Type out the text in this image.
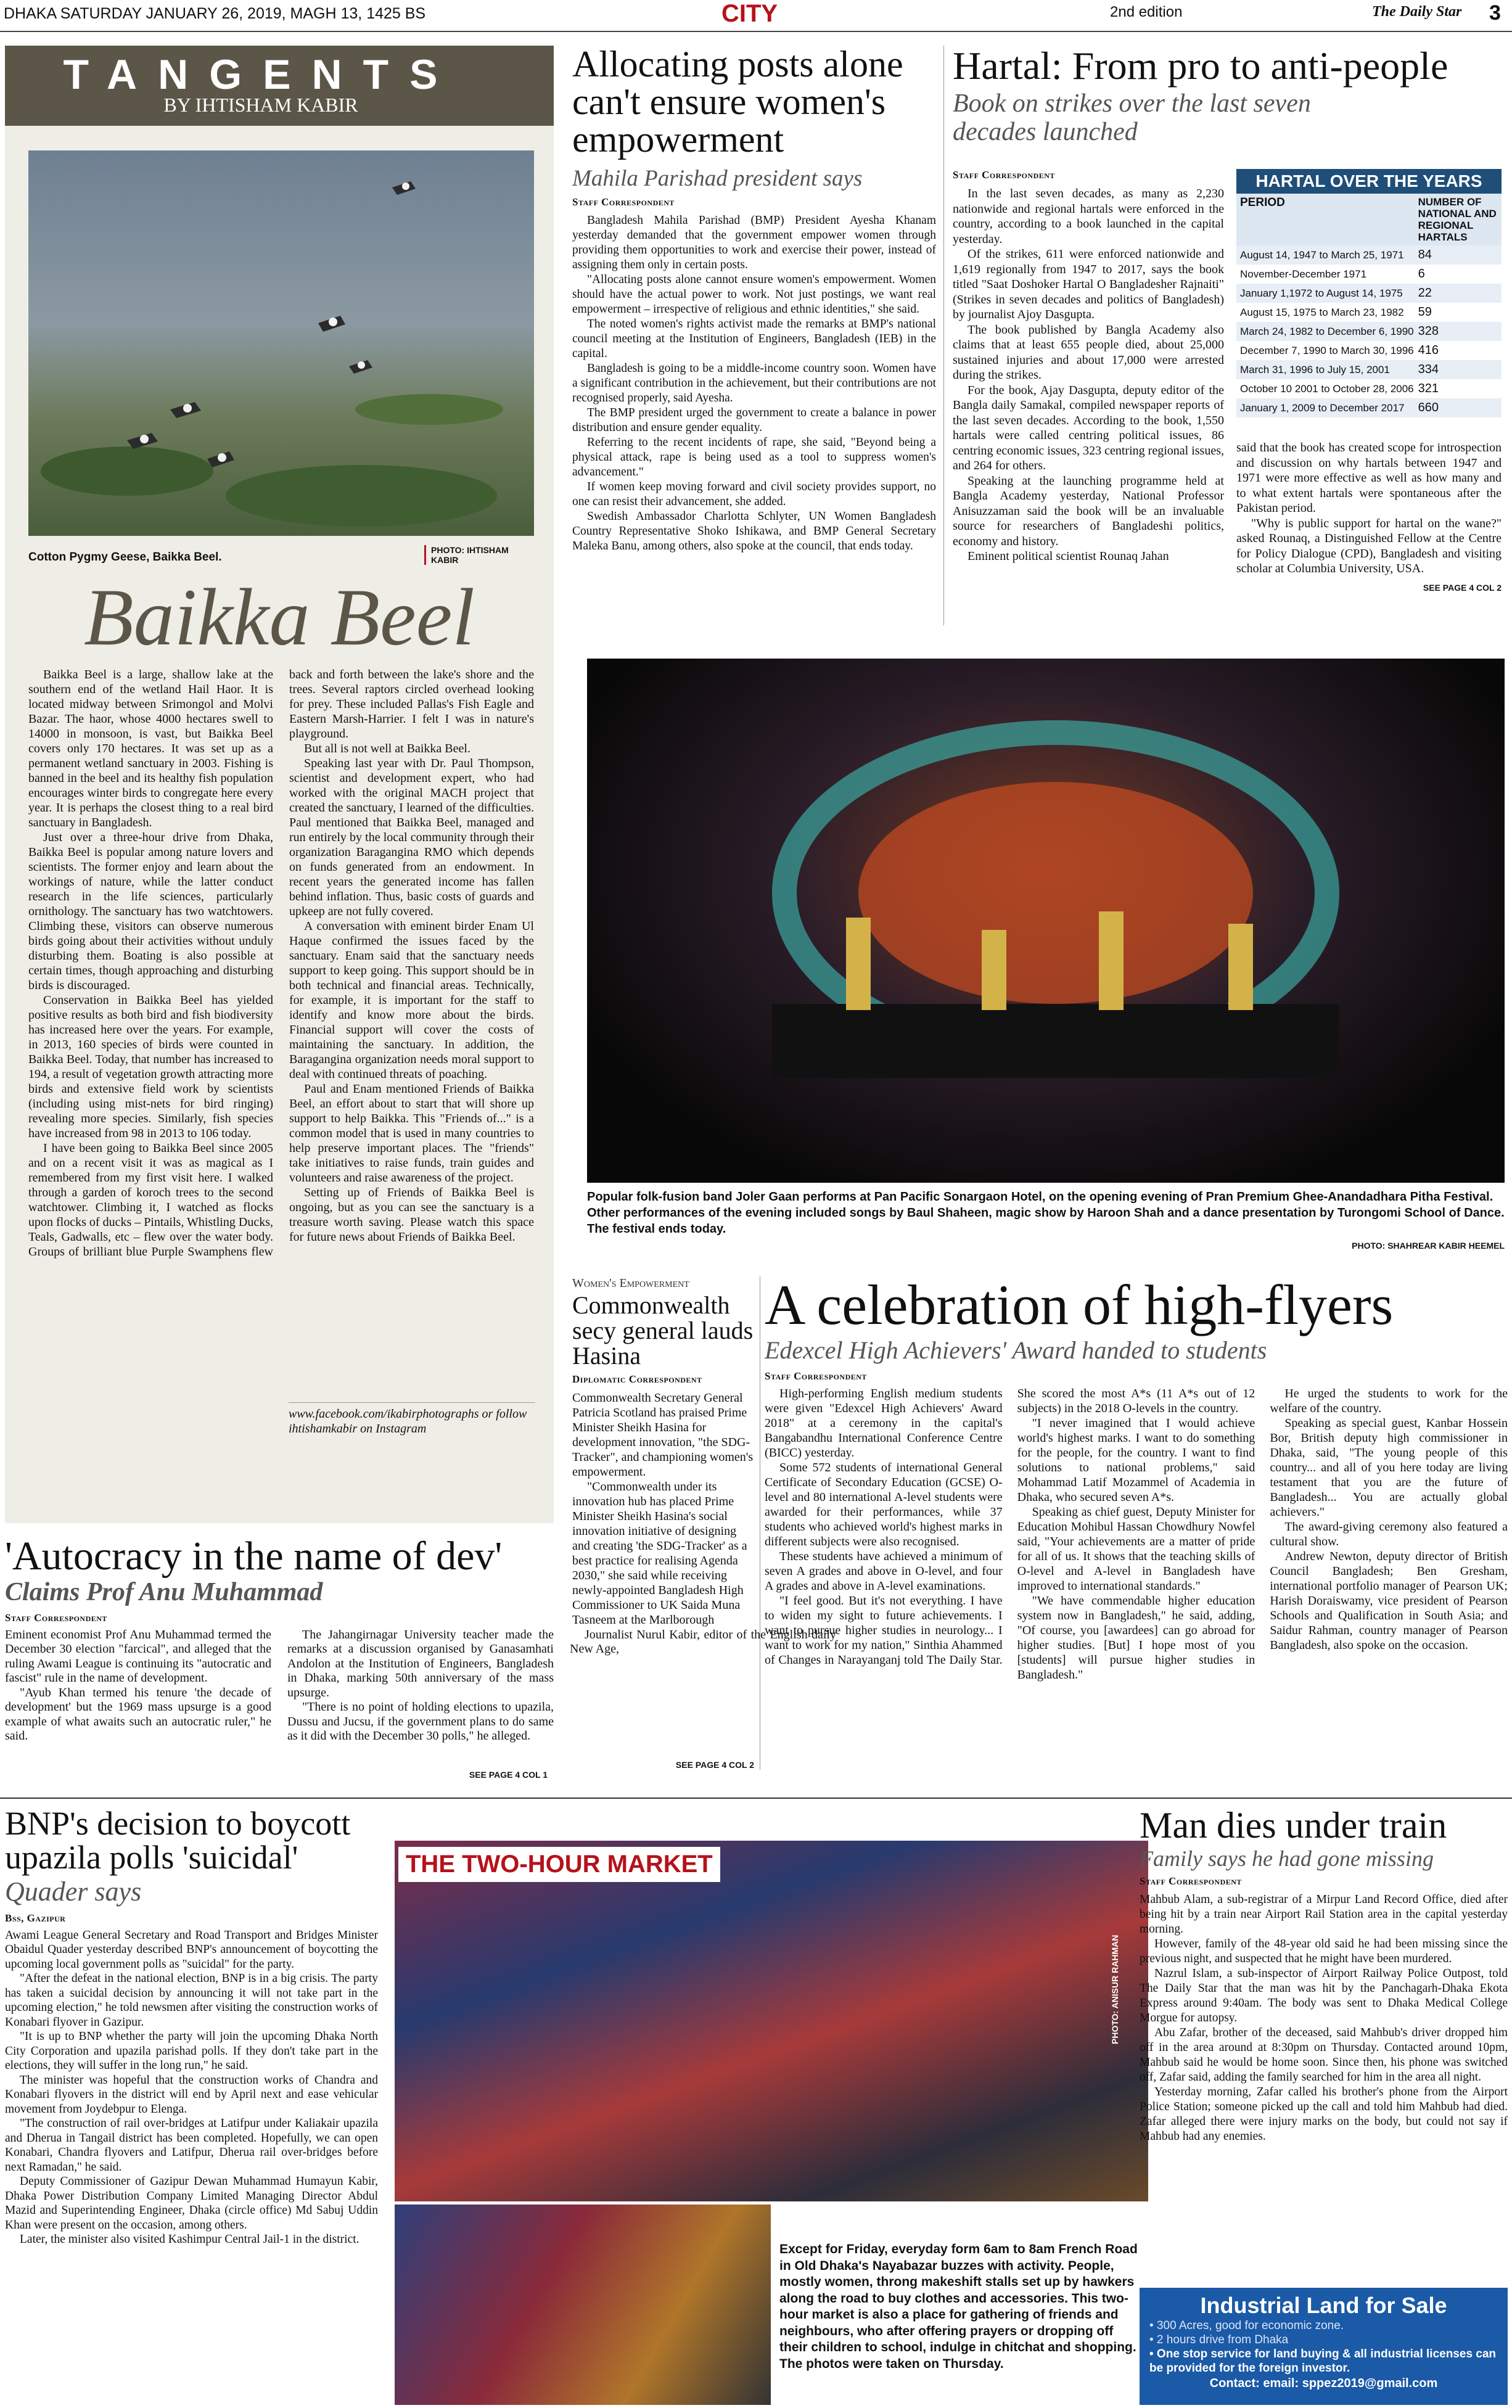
DHAKA SATURDAY JANUARY 26, 2019, MAGH 13, 1425 BS	CITY	2nd edition	The Daily Star 3
TANGENTS
BY IHTISHAM KABIR
Cotton Pygmy Geese, Baikka Beel.
PHOTO: IHTISHAM KABIR
Baikka Beel

Baikka Beel is a large, shallow lake at the southern end of the wetland Hail Haor. It is located midway between Srimongol and Molvi Bazar. The haor, whose 4000 hectares swell to 14000 in monsoon, is vast, but Baikka Beel covers only 170 hectares. It was set up as a permanent wetland sanctuary in 2003. Fishing is banned in the beel and its healthy fish population encourages winter birds to congregate here every year. It is perhaps the closest thing to a real bird sanctuary in Bangladesh.

Just over a three-hour drive from Dhaka, Baikka Beel is popular among nature lovers and scientists. The former enjoy and learn about the workings of nature, while the latter conduct research in the life sciences, particularly ornithology. The sanctuary has two watchtowers. Climbing these, visitors can observe numerous birds going about their activities without unduly disturbing them. Boating is also possible at certain times, though approaching and disturbing birds is discouraged.

Conservation in Baikka Beel has yielded positive results as both bird and fish biodiversity has increased here over the years. For example, in 2013, 160 species of birds were counted in Baikka Beel. Today, that number has increased to 194, a result of vegetation growth attracting more birds and extensive field work by scientists (including using mist-nets for bird ringing) revealing more species. Similarly, fish species have increased from 98 in 2013 to 106 today.

I have been going to Baikka Beel since 2005 and on a recent visit it was as magical as I remembered from my first visit here. I walked through a garden of koroch trees to the second watchtower. Climbing it, I watched as flocks upon flocks of ducks – Pintails, Whistling Ducks, Teals, Gadwalls, etc – flew over the water body. Groups of brilliant blue Purple Swamphens flew back and forth between the lake's shore and the trees. Several raptors circled overhead looking for prey. These included Pallas's Fish Eagle and Eastern Marsh-Harrier. I felt I was in nature's playground.

But all is not well at Baikka Beel.

Speaking last year with Dr. Paul Thompson, scientist and development expert, who had worked with the original MACH project that created the sanctuary, I learned of the difficulties. Paul mentioned that Baikka Beel, managed and run entirely by the local community through their organization Baragangina RMO which depends on funds generated from an endowment. In recent years the generated income has fallen behind inflation. Thus, basic costs of guards and upkeep are not fully covered.

A conversation with eminent birder Enam Ul Haque confirmed the issues faced by the sanctuary. Enam said that the sanctuary needs support to keep going. This support should be in both technical and financial areas. Technically, for example, it is important for the staff to identify and know more about the birds. Financial support will cover the costs of maintaining the sanctuary. In addition, the Baragangina organization needs moral support to deal with continued threats of poaching.

Paul and Enam mentioned Friends of Baikka Beel, an effort about to start that will shore up support to help Baikka. This "Friends of..." is a common model that is used in many countries to help preserve important places. The "friends" take initiatives to raise funds, train guides and volunteers and raise awareness of the project.

Setting up of Friends of Baikka Beel is ongoing, but as you can see the sanctuary is a treasure worth saving. Please watch this space for future news about Friends of Baikka Beel.

www.facebook.com/ikabirphotographs or follow ihtishamkabir on Instagram
Allocating posts alone can't ensure women's empowerment
Mahila Parishad president says
Staff Correspondent

Bangladesh Mahila Parishad (BMP) President Ayesha Khanam yesterday demanded that the government empower women through providing them opportunities to work and exercise their power, instead of assigning them only in certain posts.

"Allocating posts alone cannot ensure women's empowerment. Women should have the actual power to work. Not just postings, we want real empowerment – irrespective of religious and ethnic identities," she said.

The noted women's rights activist made the remarks at BMP's national council meeting at the Institution of Engineers, Bangladesh (IEB) in the capital.

Bangladesh is going to be a middle-income country soon. Women have a significant contribution in the achievement, but their contributions are not recognised properly, said Ayesha.

The BMP president urged the government to create a balance in power distribution and ensure gender equality.

Referring to the recent incidents of rape, she said, "Beyond being a physical attack, rape is being used as a tool to suppress women's advancement."

If women keep moving forward and civil society provides support, no one can resist their advancement, she added.

Swedish Ambassador Charlotta Schlyter, UN Women Bangladesh Country Representative Shoko Ishikawa, and BMP General Secretary Maleka Banu, among others, also spoke at the council, that ends today.

Hartal: From pro to anti-people
Book on strikes over the last seven decades launched
Staff Correspondent

In the last seven decades, as many as 2,230 nationwide and regional hartals were enforced in the country, according to a book launched in the capital yesterday.

Of the strikes, 611 were enforced nationwide and 1,619 regionally from 1947 to 2017, says the book titled "Saat Doshoker Hartal O Bangladesher Rajnaiti" (Strikes in seven decades and politics of Bangladesh) by journalist Ajoy Dasgupta.

The book published by Bangla Academy also claims that at least 655 people died, about 25,000 sustained injuries and about 17,000 were arrested during the strikes.

For the book, Ajay Dasgupta, deputy editor of the Bangla daily Samakal, compiled newspaper reports of the last seven decades. According to the book, 1,550 hartals were called centring political issues, 86 centring economic issues, 323 centring regional issues, and 264 for others.

Speaking at the launching programme held at Bangla Academy yesterday, National Professor Anisuzzaman said the book will be an invaluable source for researchers of Bangladeshi politics, economy and history.

Eminent political scientist Rounaq Jahan

HARTAL OVER THE YEARS
PERIOD	NUMBER OF NATIONAL AND REGIONAL HARTALS
August 14, 1947 to March 25, 1971	84
November-December 1971	6
January 1,1972 to August 14, 1975	22
August 15, 1975 to March 23, 1982	59
March 24, 1982 to December 6, 1990 328
December 7, 1990 to March 30, 1996 416
March 31, 1996 to July 15, 2001	334
October 10 2001 to October 28, 2006 321
January 1, 2009 to December 2017	660

said that the book has created scope for introspection and discussion on why hartals between 1947 and 1971 were more effective as well as how many and to what extent hartals were spontaneous after the Pakistan period.

"Why is public support for hartal on the wane?" asked Rounaq, a Distinguished Fellow at the Centre for Policy Dialogue (CPD), Bangladesh and visiting scholar at Columbia University, USA.

SEE PAGE 4 COL 2
Popular folk-fusion band Joler Gaan performs at Pan Pacific Sonargaon Hotel, on the opening evening of Pran Premium Ghee-Anandadhara Pitha Festival. Other performances of the evening included songs by Baul Shaheen, magic show by Haroon Shah and a dance presentation by Turongomi School of Dance. The festival ends today.
PHOTO: SHAHREAR KABIR HEEMEL
Women's Empowerment
Commonwealth secy general lauds Hasina
Diplomatic Correspondent

Commonwealth Secretary General Patricia Scotland has praised Prime Minister Sheikh Hasina for development innovation, "the SDG-Tracker", and championing women's empowerment.

"Commonwealth under its innovation hub has placed Prime Minister Sheikh Hasina's social innovation initiative of designing and creating 'the SDG-Tracker' as a best practice for realising Agenda 2030," she said while receiving newly-appointed Bangladesh High Commissioner to UK Saida Muna Tasneem at the Marlborough

SEE PAGE 4 COL 2
A celebration of high-flyers
Edexcel High Achievers' Award handed to students
Staff Correspondent

High-performing English medium students were given "Edexcel High Achievers' Award 2018" at a ceremony in the capital's Bangabandhu International Conference Centre (BICC) yesterday.

Some 572 students of international General Certificate of Secondary Education (GCSE) O-level and 80 international A-level students were awarded for their performances, while 37 students who achieved world's highest marks in different subjects were also recognised.

These students have achieved a minimum of seven A grades and above in O-level, and four A grades and above in A-level examinations.

"I feel good. But it's not everything. I have to widen my sight to future achievements. I want to pursue higher studies in neurology... I want to work for my nation," Sinthia Ahammed of Changes in Narayanganj told The Daily Star. She scored the most A*s (11 A*s out of 12 subjects) in the 2018 O-levels in the country.

"I never imagined that I would achieve world's highest marks. I want to do something for the people, for the country. I want to find solutions to national problems," said Mohammad Latif Mozammel of Academia in Dhaka, who secured seven A*s.

Speaking as chief guest, Deputy Minister for Education Mohibul Hassan Chowdhury Nowfel said, "Your achievements are a matter of pride for all of us. It shows that the teaching skills of O-level and A-level in Bangladesh have improved to international standards."

"We have commendable higher education system now in Bangladesh," he said, adding, "Of course, you [awardees] can go abroad for higher studies. [But] I hope most of you [students] will pursue higher studies in Bangladesh."

He urged the students to work for the welfare of the country.

Speaking as special guest, Kanbar Hossein Bor, British deputy high commissioner in Dhaka, said, "The young people of this country... and all of you here today are living testament that you are the future of Bangladesh... You are actually global achievers."

The award-giving ceremony also featured a cultural show.

Andrew Newton, deputy director of British Council Bangladesh; Ben Gresham, international portfolio manager of Pearson UK; Harish Doraiswamy, vice president of Pearson Schools and Qualification in South Asia; and Saidur Rahman, country manager of Pearson Bangladesh, also spoke on the occasion.

'Autocracy in the name of dev'
Claims Prof Anu Muhammad
Staff Correspondent

Eminent economist Prof Anu Muhammad termed the December 30 election "farcical", and alleged that the ruling Awami League is continuing its "autocratic and fascist" rule in the name of development.

"Ayub Khan termed his tenure 'the decade of development' but the 1969 mass upsurge is a good example of what awaits such an autocratic ruler," he said.

The Jahangirnagar University teacher made the remarks at a discussion organised by Ganasamhati Andolon at the Institution of Engineers, Bangladesh in Dhaka, marking 50th anniversary of the mass upsurge.

"There is no point of holding elections to upazila, Dussu and Jucsu, if the government plans to do same as it did with the December 30 polls," he alleged.

Journalist Nurul Kabir, editor of the English daily New Age,

SEE PAGE 4 COL 1
BNP's decision to boycott upazila polls 'suicidal'
Quader says
Bss, Gazipur

Awami League General Secretary and Road Transport and Bridges Minister Obaidul Quader yesterday described BNP's announcement of boycotting the upcoming local government polls as "suicidal" for the party.

"After the defeat in the national election, BNP is in a big crisis. The party has taken a suicidal decision by announcing it will not take part in the upcoming election," he told newsmen after visiting the construction works of Konabari flyover in Gazipur.

"It is up to BNP whether the party will join the upcoming Dhaka North City Corporation and upazila parishad polls. If they don't take part in the elections, they will suffer in the long run," he said.

The minister was hopeful that the construction works of Chandra and Konabari flyovers in the district will end by April next and ease vehicular movement from Joydebpur to Elenga.

"The construction of rail over-bridges at Latifpur under Kaliakair upazila and Dherua in Tangail district has been completed. Hopefully, we can open Konabari, Chandra flyovers and Latifpur, Dherua rail over-bridges before next Ramadan," he said.

Deputy Commissioner of Gazipur Dewan Muhammad Humayun Kabir, Dhaka Power Distribution Company Limited Managing Director Abdul Mazid and Superintending Engineer, Dhaka (circle office) Md Sabuj Uddin Khan were present on the occasion, among others.

Later, the minister also visited Kashimpur Central Jail-1 in the district.

THE TWO-HOUR MARKET
Except for Friday, everyday form 6am to 8am French Road in Old Dhaka's Nayabazar buzzes with activity. People, mostly women, throng makeshift stalls set up by hawkers along the road to buy clothes and accessories. This two-hour market is also a place for gathering of friends and neighbours, who after offering prayers or dropping off their children to school, indulge in chitchat and shopping. The photos were taken on Thursday.
PHOTO: ANISUR RAHMAN
Man dies under train
Family says he had gone missing
Staff Correspondent

Mahbub Alam, a sub-registrar of a Mirpur Land Record Office, died after being hit by a train near Airport Rail Station area in the capital yesterday morning.

However, family of the 48-year old said he had been missing since the previous night, and suspected that he might have been murdered.

Nazrul Islam, a sub-inspector of Airport Railway Police Outpost, told The Daily Star that the man was hit by the Panchagarh-Dhaka Ekota Express around 9:40am. The body was sent to Dhaka Medical College Morgue for autopsy.

Abu Zafar, brother of the deceased, said Mahbub's driver dropped him off in the area around at 8:30pm on Thursday. Contacted around 10pm, Mahbub said he would be home soon. Since then, his phone was switched off, Zafar said, adding the family searched for him in the area all night.

Yesterday morning, Zafar called his brother's phone from the Airport Police Station; someone picked up the call and told him Mahbub had died. Zafar alleged there were injury marks on the body, but could not say if Mahbub had any enemies.

Industrial Land for Sale
• 300 Acres, good for economic zone.
• 2 hours drive from Dhaka
• One stop service for land buying & all industrial licenses can be provided for the foreign investor.
Contact: email: sppez2019@gmail.com
